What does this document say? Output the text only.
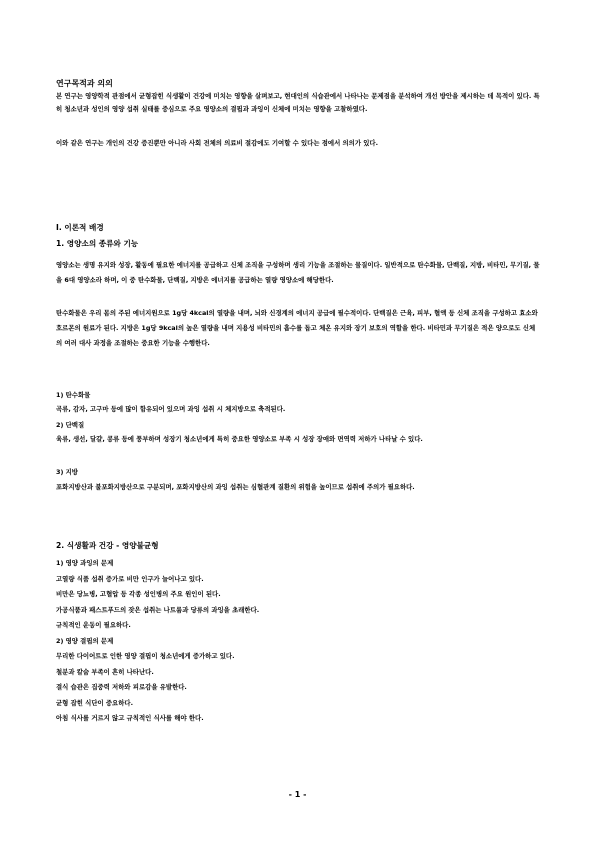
연구목적과 의의
본 연구는 영양학적 관점에서 균형잡힌 식생활이 건강에 미치는 영향을 살펴보고, 현대인의 식습관에서 나타나는 문제점을 분석하여 개선 방안을 제시하는 데 목적이 있다. 특히 청소년과 성인의 영양 섭취 실태를 중심으로 주요 영양소의 결핍과 과잉이 신체에 미치는 영향을 고찰하였다.
이와 같은 연구는 개인의 건강 증진뿐만 아니라 사회 전체의 의료비 절감에도 기여할 수 있다는 점에서 의의가 있다.
Ⅰ. 이론적 배경
1. 영양소의 종류와 기능
영양소는 생명 유지와 성장, 활동에 필요한 에너지를 공급하고 신체 조직을 구성하며 생리 기능을 조절하는 물질이다. 일반적으로 탄수화물, 단백질, 지방, 비타민, 무기질, 물을 6대 영양소라 하며, 이 중 탄수화물, 단백질, 지방은 에너지를 공급하는 열량 영양소에 해당한다.
탄수화물은 우리 몸의 주된 에너지원으로 1g당 4kcal의 열량을 내며, 뇌와 신경계의 에너지 공급에 필수적이다. 단백질은 근육, 피부, 혈액 등 신체 조직을 구성하고 효소와 호르몬의 원료가 된다. 지방은 1g당 9kcal의 높은 열량을 내며 지용성 비타민의 흡수를 돕고 체온 유지와 장기 보호의 역할을 한다. 비타민과 무기질은 적은 양으로도 신체의 여러 대사 과정을 조절하는 중요한 기능을 수행한다.
1) 탄수화물
곡류, 감자, 고구마 등에 많이 함유되어 있으며 과잉 섭취 시 체지방으로 축적된다.
2) 단백질
육류, 생선, 달걀, 콩류 등에 풍부하며 성장기 청소년에게 특히 중요한 영양소로 부족 시 성장 장애와 면역력 저하가 나타날 수 있다.
3) 지방
포화지방산과 불포화지방산으로 구분되며, 포화지방산의 과잉 섭취는 심혈관계 질환의 위험을 높이므로 섭취에 주의가 필요하다.
2. 식생활과 건강 - 영양불균형
1) 영양 과잉의 문제
고열량 식품 섭취 증가로 비만 인구가 늘어나고 있다.
비만은 당뇨병, 고혈압 등 각종 성인병의 주요 원인이 된다.
가공식품과 패스트푸드의 잦은 섭취는 나트륨과 당류의 과잉을 초래한다.
규칙적인 운동이 필요하다.
2) 영양 결핍의 문제
무리한 다이어트로 인한 영양 결핍이 청소년에게 증가하고 있다.
철분과 칼슘 부족이 흔히 나타난다.
결식 습관은 집중력 저하와 피로감을 유발한다.
균형 잡힌 식단이 중요하다.
아침 식사를 거르지 않고 규칙적인 식사를 해야 한다.
- 1 -
